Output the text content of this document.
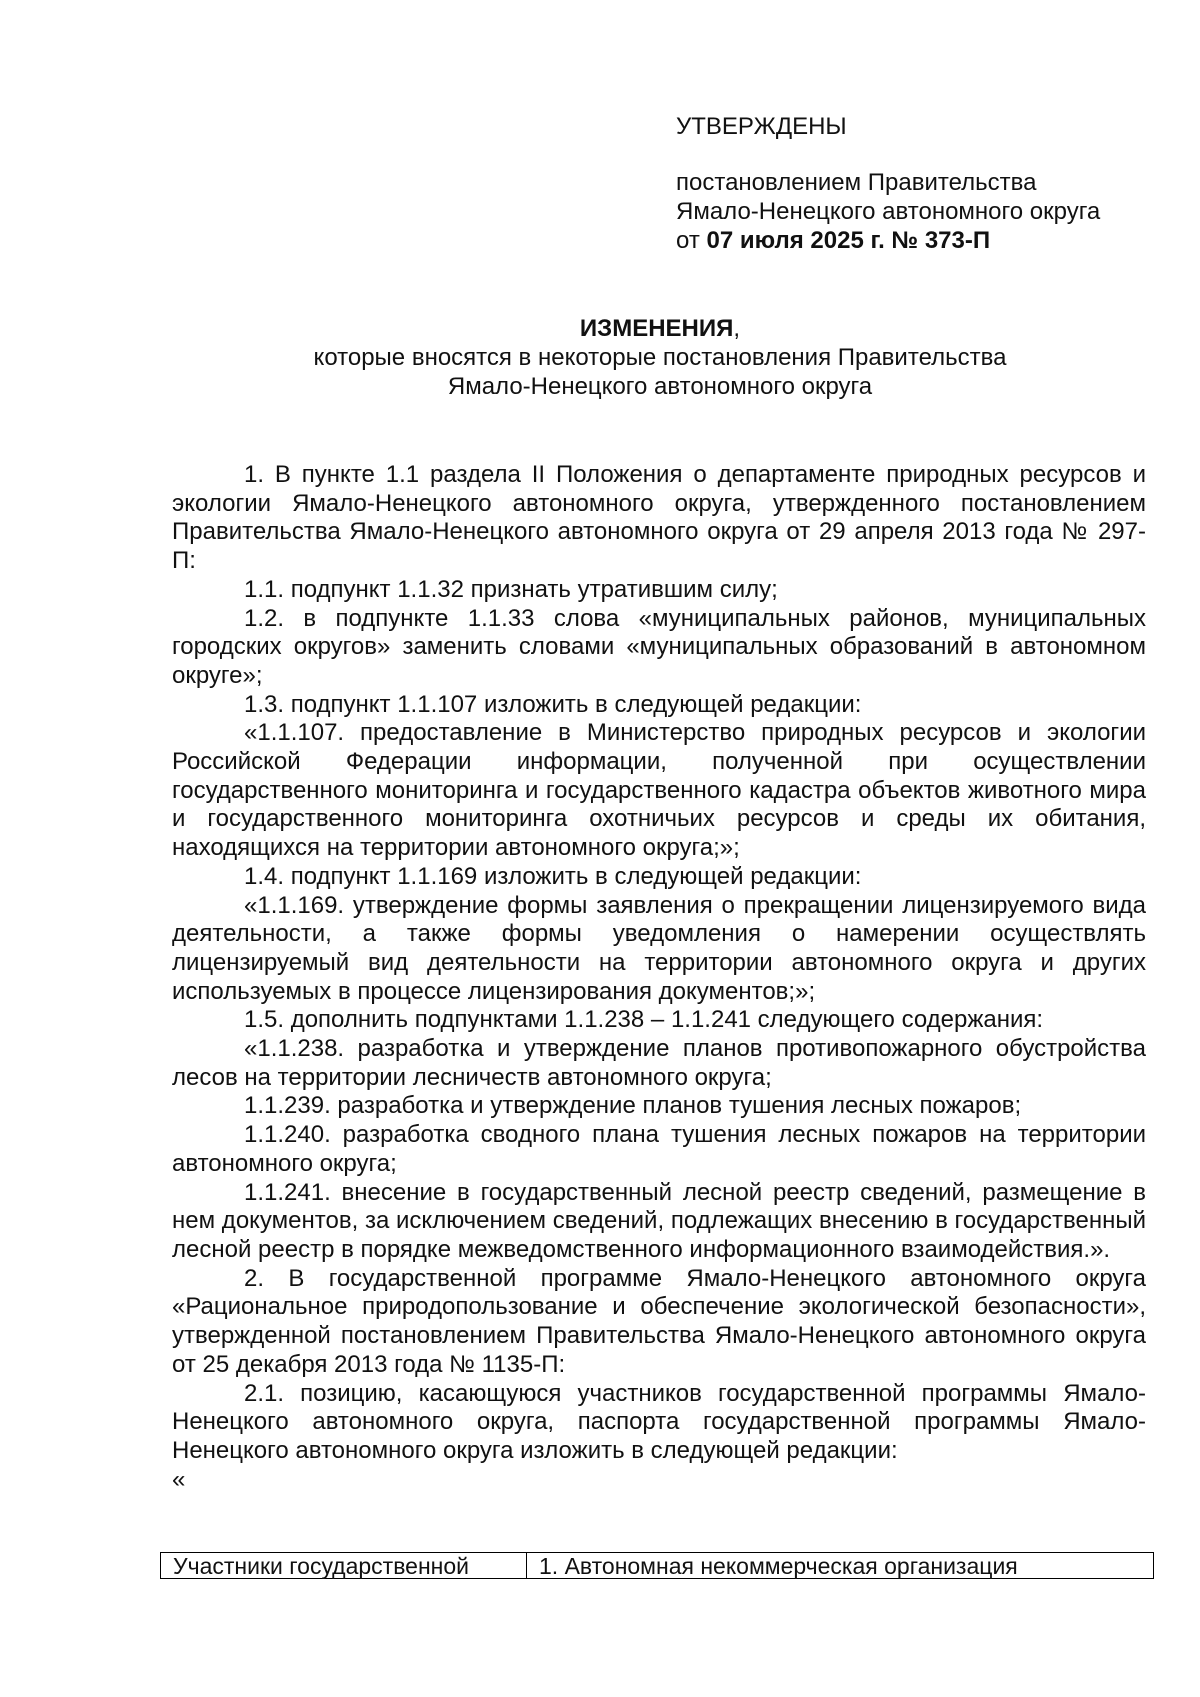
УТВЕРЖДЕНЫ
постановлением Правительства
Ямало-Ненецкого автономного округа
от 07 июля 2025 г. № 373-П
ИЗМЕНЕНИЯ,
которые вносятся в некоторые постановления Правительства
Ямало-Ненецкого автономного округа

1. В пункте 1.1 раздела II Положения о департаменте природных ресурсов и экологии Ямало-Ненецкого автономного округа, утвержденного постановлением Правительства Ямало-Ненецкого автономного округа от 29 апреля 2013 года № 297-П:

1.1. подпункт 1.1.32 признать утратившим силу;

1.2. в подпункте 1.1.33 слова «муниципальных районов, муниципальных городских округов» заменить словами «муниципальных образований в автономном округе»;

1.3. подпункт 1.1.107 изложить в следующей редакции:

«1.1.107. предоставление в Министерство природных ресурсов и экологии Российской Федерации информации, полученной при осуществлении государственного мониторинга и государственного кадастра объектов животного мира и государственного мониторинга охотничьих ресурсов и среды их обитания, находящихся на территории автономного округа;»;

1.4. подпункт 1.1.169 изложить в следующей редакции:

«1.1.169. утверждение формы заявления о прекращении лицензируемого вида деятельности, а также формы уведомления о намерении осуществлять лицензируемый вид деятельности на территории автономного округа и других используемых в процессе лицензирования документов;»;

1.5. дополнить подпунктами 1.1.238 – 1.1.241 следующего содержания:

«1.1.238. разработка и утверждение планов противопожарного обустройства лесов на территории лесничеств автономного округа;

1.1.239. разработка и утверждение планов тушения лесных пожаров;

1.1.240. разработка сводного плана тушения лесных пожаров на территории автономного округа;

1.1.241. внесение в государственный лесной реестр сведений, размещение в нем документов, за исключением сведений, подлежащих внесению в государственный лесной реестр в порядке межведомственного информационного взаимодействия.».

2. В государственной программе Ямало-Ненецкого автономного округа «Рациональное природопользование и обеспечение экологической безопасности», утвержденной постановлением Правительства Ямало-Ненецкого автономного округа от 25 декабря 2013 года № 1135-П:

2.1. позицию, касающуюся участников государственной программы Ямало-Ненецкого автономного округа, паспорта государственной программы Ямало-Ненецкого автономного округа изложить в следующей редакции:

«

Участники государственной	1. Автономная некоммерческая организация
